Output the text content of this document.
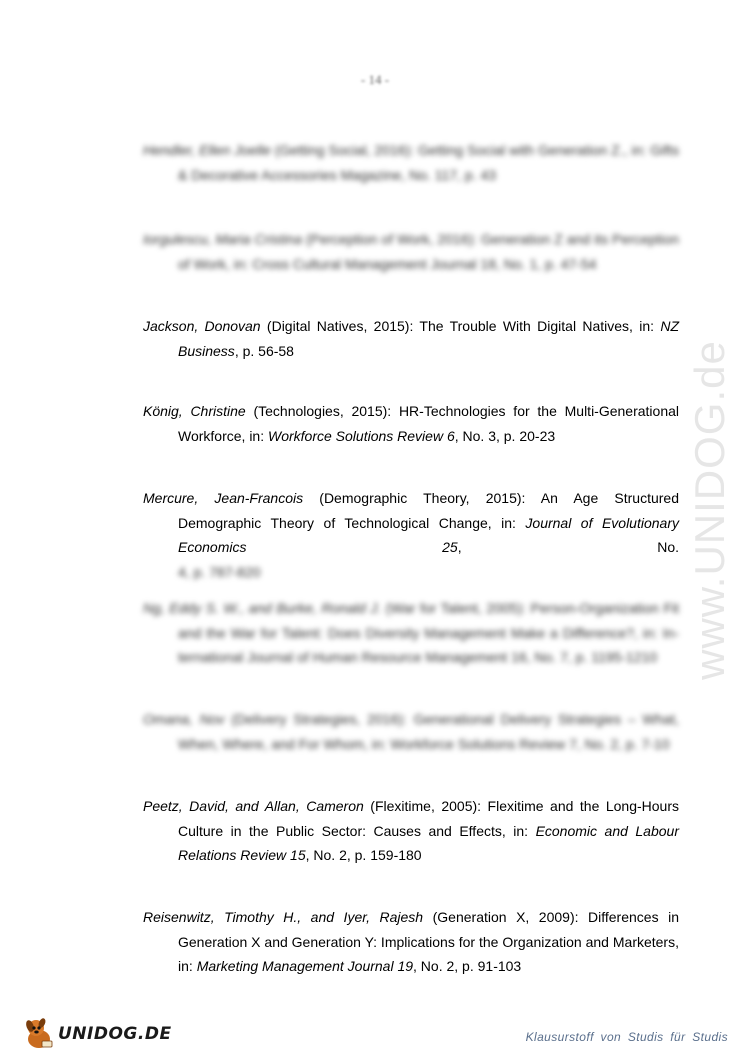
- 14 -
www.UNIDOG.de
Hendler, Ellen Joelle (Getting Social, 2016): Getting Social with Generation Z., in: Gifts
& Decorative Accessories Magazine, No. 117, p. 43
Iorgulescu, Maria Cristina (Perception of Work, 2016): Generation Z and its Perception
of Work, in: Cross Cultural Management Journal 18, No. 1, p. 47-54
Jackson, Donovan (Digital Natives, 2015): The Trouble With Digital Natives, in: NZ Business, p. 56-58
König, Christine (Technologies, 2015): HR-Technologies for the Multi-Generational Workforce, in: Workforce Solutions Review 6, No. 3, p. 20-23
Mercure, Jean-Francois (Demographic Theory, 2015): An Age Structured Demographic Theory of Technological Change, in: Journal of Evolutionary Economics 25, No.
4, p. 787-820
Ng, Eddy S. W., and Burke, Ronald J. (War for Talent, 2005): Person-Organization Fit
and the War for Talent: Does Diversity Management Make a Difference?, in: In-
ternational Journal of Human Resource Management 16, No. 7, p. 1195-1210
Omana, Nov (Delivery Strategies, 2016): Generational Delivery Strategies – What,
When, Where, and For Whom, in: Workforce Solutions Review 7, No. 2, p. 7-10
Peetz, David, and Allan, Cameron (Flexitime, 2005): Flexitime and the Long-Hours Culture in the Public Sector: Causes and Effects, in: Economic and Labour Relations Review 15, No. 2, p. 159-180
Reisenwitz, Timothy H., and Iyer, Rajesh (Generation X, 2009): Differences in Generation X and Generation Y: Implications for the Organization and Marketers, in: Marketing Management Journal 19, No. 2, p. 91-103
UNIDOG.DE	Klausurstoff von Studis für Studis
